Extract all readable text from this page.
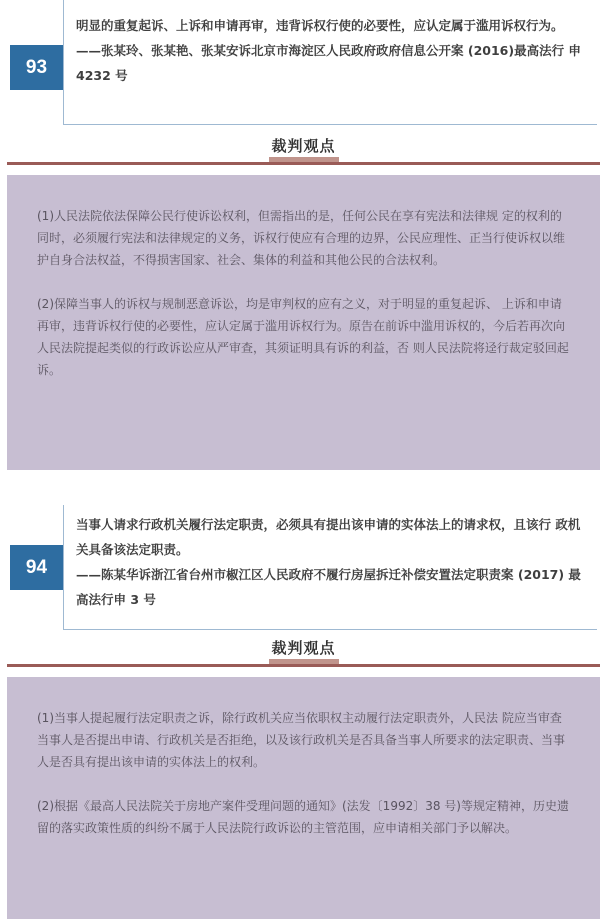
93

明显的重复起诉、上诉和申请再审，违背诉权行使的必要性，应认定属于滥用诉权行为。

——张某玲、张某艳、张某安诉北京市海淀区人民政府政府信息公开案 (2016)最高法行 申 4232 号

裁判观点

(1)人民法院依法保障公民行使诉讼权利，但需指出的是，任何公民在享有宪法和法律规 定的权利的同时，必须履行宪法和法律规定的义务，诉权行使应有合理的边界，公民应理性、正当行使诉权以维护自身合法权益，不得损害国家、社会、集体的利益和其他公民的合法权利。

(2)保障当事人的诉权与规制恶意诉讼，均是审判权的应有之义，对于明显的重复起诉、 上诉和申请再审，违背诉权行使的必要性，应认定属于滥用诉权行为。原告在前诉中滥用诉权的，今后若再次向人民法院提起类似的行政诉讼应从严审查，其须证明具有诉的利益，否 则人民法院将迳行裁定驳回起诉。

94

当事人请求行政机关履行法定职责，必须具有提出该申请的实体法上的请求权，且该行 政机关具备该法定职责。

——陈某华诉浙江省台州市椒江区人民政府不履行房屋拆迁补偿安置法定职责案 (2017) 最高法行申 3 号

裁判观点

(1)当事人提起履行法定职责之诉，除行政机关应当依职权主动履行法定职责外，人民法 院应当审查当事人是否提出申请、行政机关是否拒绝，以及该行政机关是否具备当事人所要求的法定职责、当事人是否具有提出该申请的实体法上的权利。

(2)根据《最高人民法院关于房地产案件受理问题的通知》(法发〔1992〕38 号)等规定精神，历史遗留的落实政策性质的纠纷不属于人民法院行政诉讼的主管范围，应申请相关部门予以解决。
